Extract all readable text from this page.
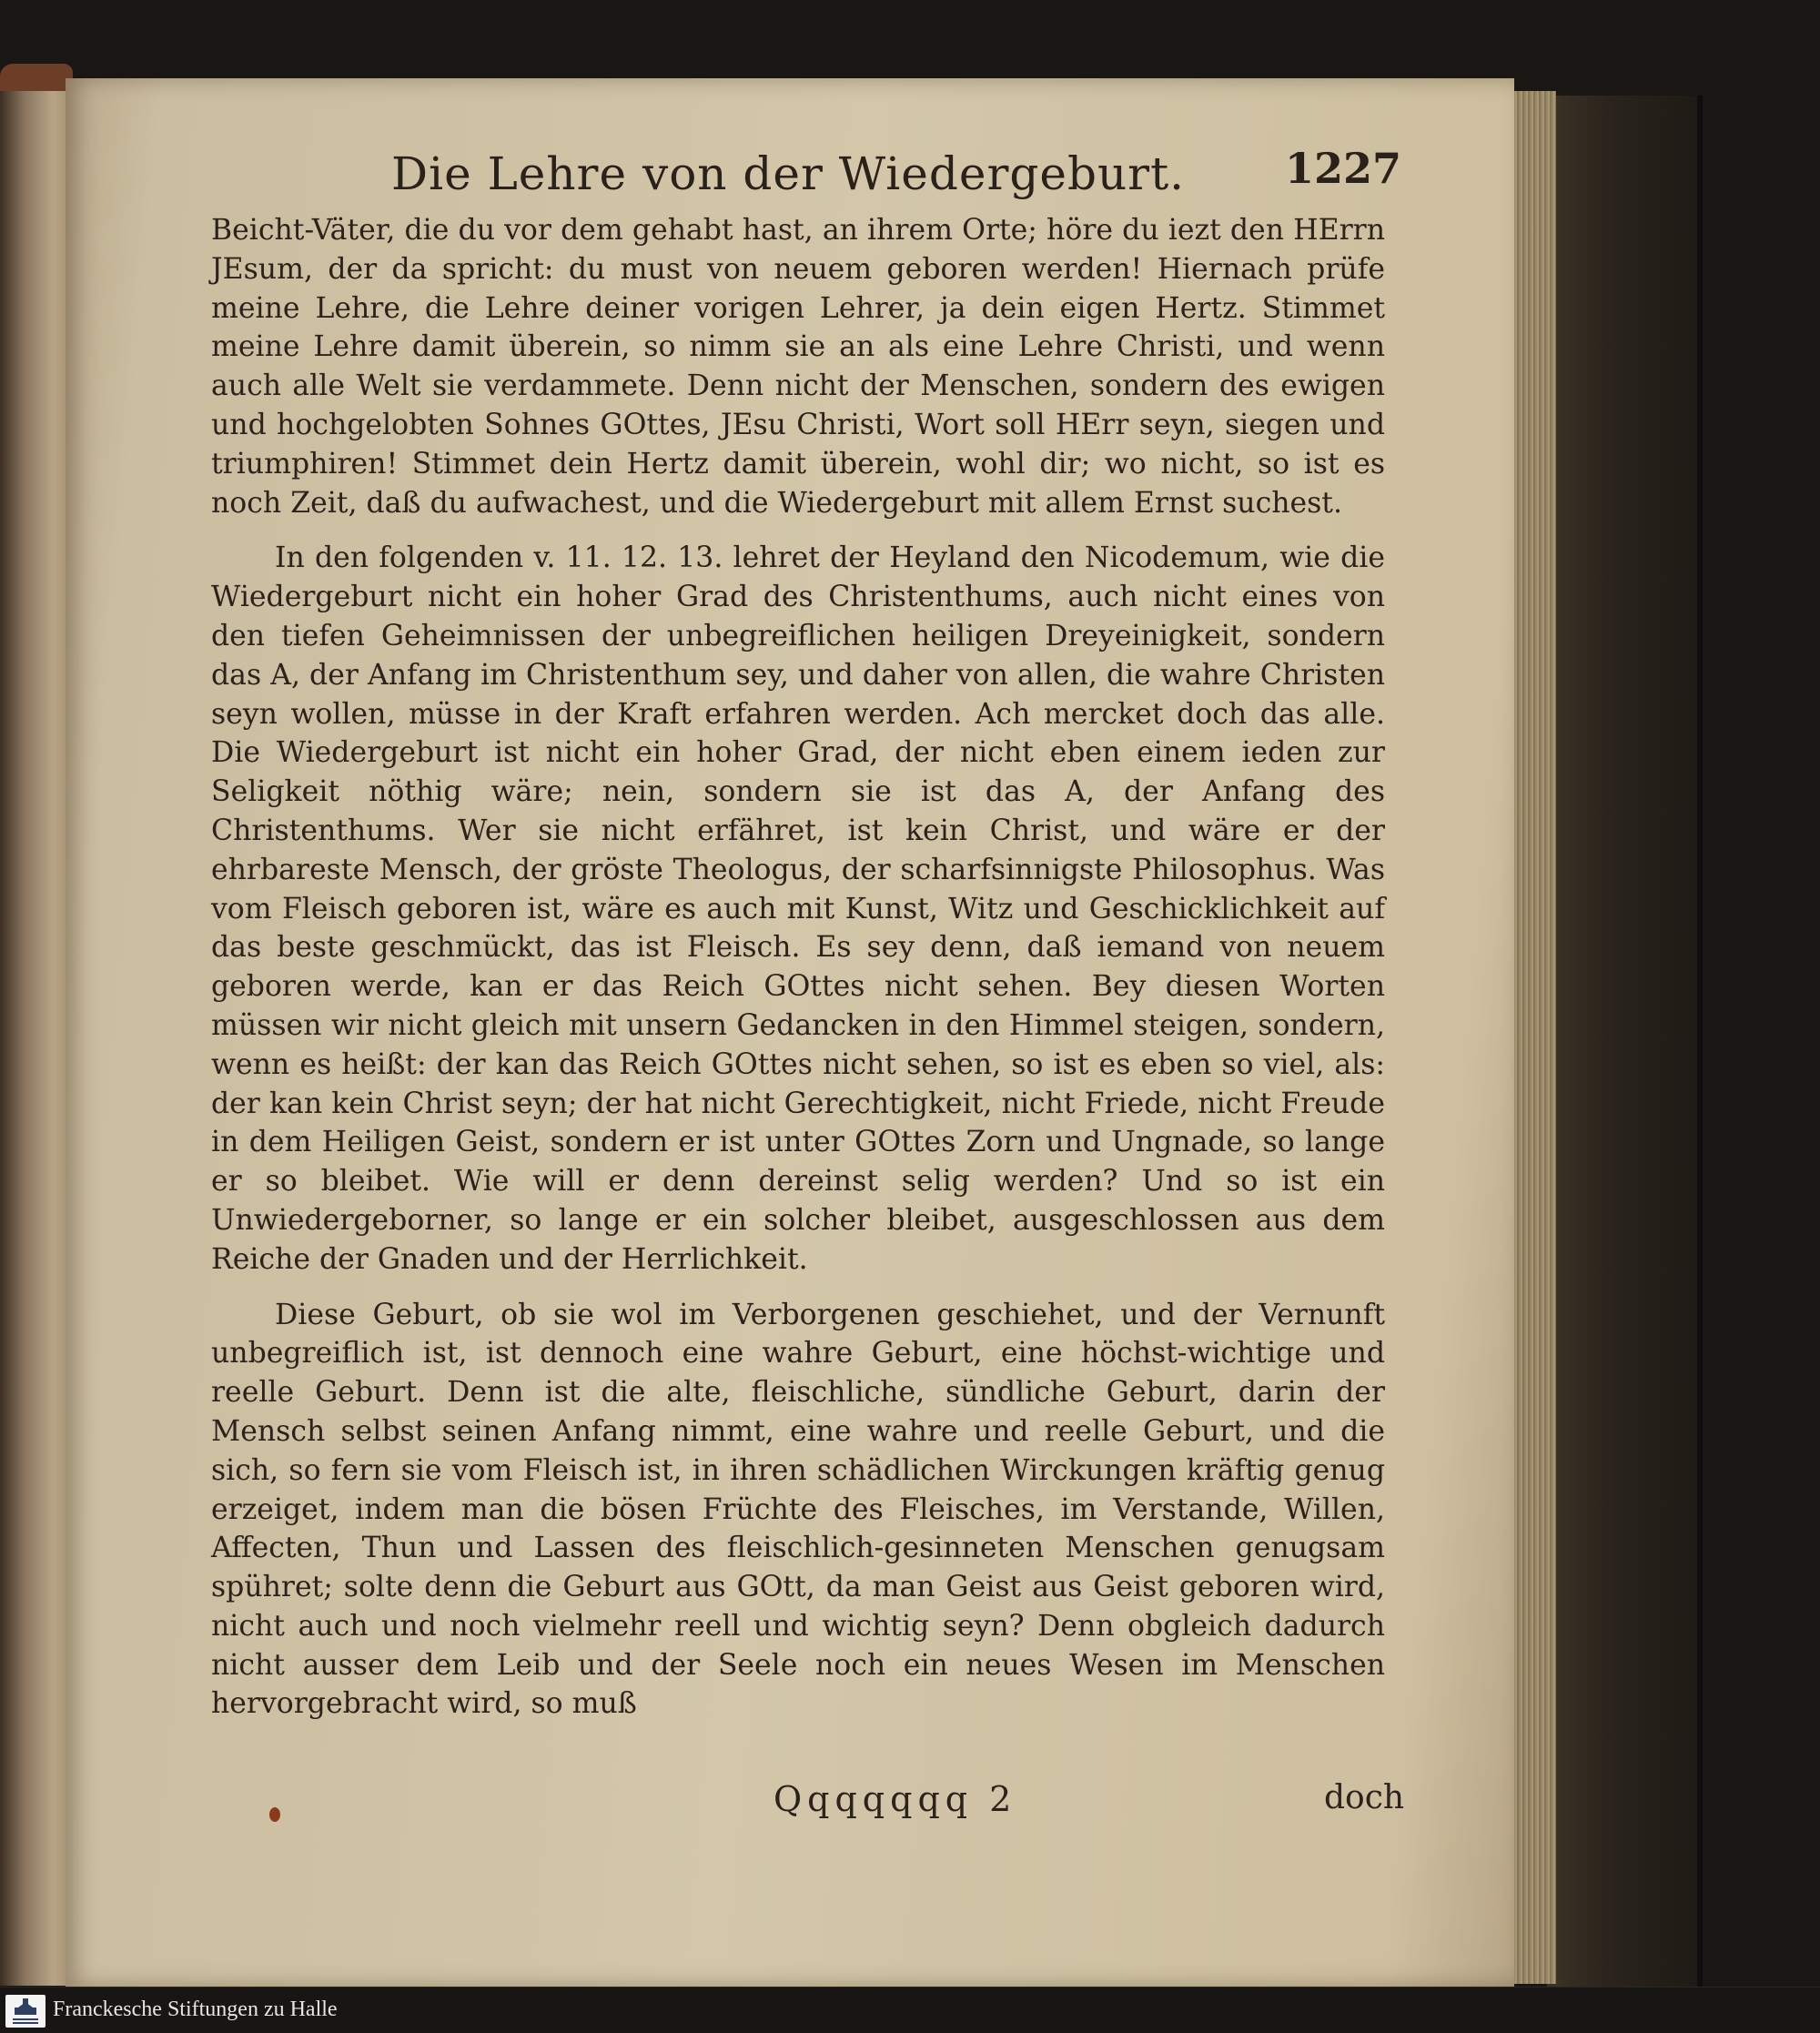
Die Lehre von der Wiedergeburt.	1227

Beicht-Väter, die du vor dem gehabt hast, an ihrem Orte; höre du iezt den HErrn JEsum, der da spricht: du must von neuem geboren werden! Hiernach prüfe meine Lehre, die Lehre deiner vorigen Lehrer, ja dein eigen Hertz. Stimmet meine Lehre damit überein, so nimm sie an als eine Lehre Christi, und wenn auch alle Welt sie verdammete. Denn nicht der Menschen, sondern des ewigen und hochgelobten Sohnes GOttes, JEsu Christi, Wort soll HErr seyn, siegen und triumphiren! Stimmet dein Hertz damit überein, wohl dir; wo nicht, so ist es noch Zeit, daß du aufwachest, und die Wiedergeburt mit allem Ernst suchest.

In den folgenden v. 11. 12. 13. lehret der Heyland den Nicodemum, wie die Wiedergeburt nicht ein hoher Grad des Christenthums, auch nicht eines von den tiefen Geheimnissen der unbegreiflichen heiligen Dreyeinigkeit, sondern das A, der Anfang im Christenthum sey, und daher von allen, die wahre Christen seyn wollen, müsse in der Kraft erfahren werden. Ach mercket doch das alle. Die Wiedergeburt ist nicht ein hoher Grad, der nicht eben einem ieden zur Seligkeit nöthig wäre; nein, sondern sie ist das A, der Anfang des Christenthums. Wer sie nicht erfähret, ist kein Christ, und wäre er der ehrbareste Mensch, der gröste Theologus, der scharfsinnigste Philosophus. Was vom Fleisch geboren ist, wäre es auch mit Kunst, Witz und Geschicklichkeit auf das beste geschmückt, das ist Fleisch. Es sey denn, daß iemand von neuem geboren werde, kan er das Reich GOttes nicht sehen. Bey diesen Worten müssen wir nicht gleich mit unsern Gedancken in den Himmel steigen, sondern, wenn es heißt: der kan das Reich GOttes nicht sehen, so ist es eben so viel, als: der kan kein Christ seyn; der hat nicht Gerechtigkeit, nicht Friede, nicht Freude in dem Heiligen Geist, sondern er ist unter GOttes Zorn und Ungnade, so lange er so bleibet. Wie will er denn dereinst selig werden? Und so ist ein Unwiedergeborner, so lange er ein solcher bleibet, ausgeschlossen aus dem Reiche der Gnaden und der Herrlichkeit.

Diese Geburt, ob sie wol im Verborgenen geschiehet, und der Vernunft unbegreiflich ist, ist dennoch eine wahre Geburt, eine höchst-wichtige und reelle Geburt. Denn ist die alte, fleischliche, sündliche Geburt, darin der Mensch selbst seinen Anfang nimmt, eine wahre und reelle Geburt, und die sich, so fern sie vom Fleisch ist, in ihren schädlichen Wirckungen kräftig genug erzeiget, indem man die bösen Früchte des Fleisches, im Verstande, Willen, Affecten, Thun und Lassen des fleischlich-gesinneten Menschen genugsam spühret; solte denn die Geburt aus GOtt, da man Geist aus Geist geboren wird, nicht auch und noch vielmehr reell und wichtig seyn? Denn obgleich dadurch nicht ausser dem Leib und der Seele noch ein neues Wesen im Menschen hervorgebracht wird, so muß

Qqqqqqq 2	doch
Franckesche Stiftungen zu Halle
